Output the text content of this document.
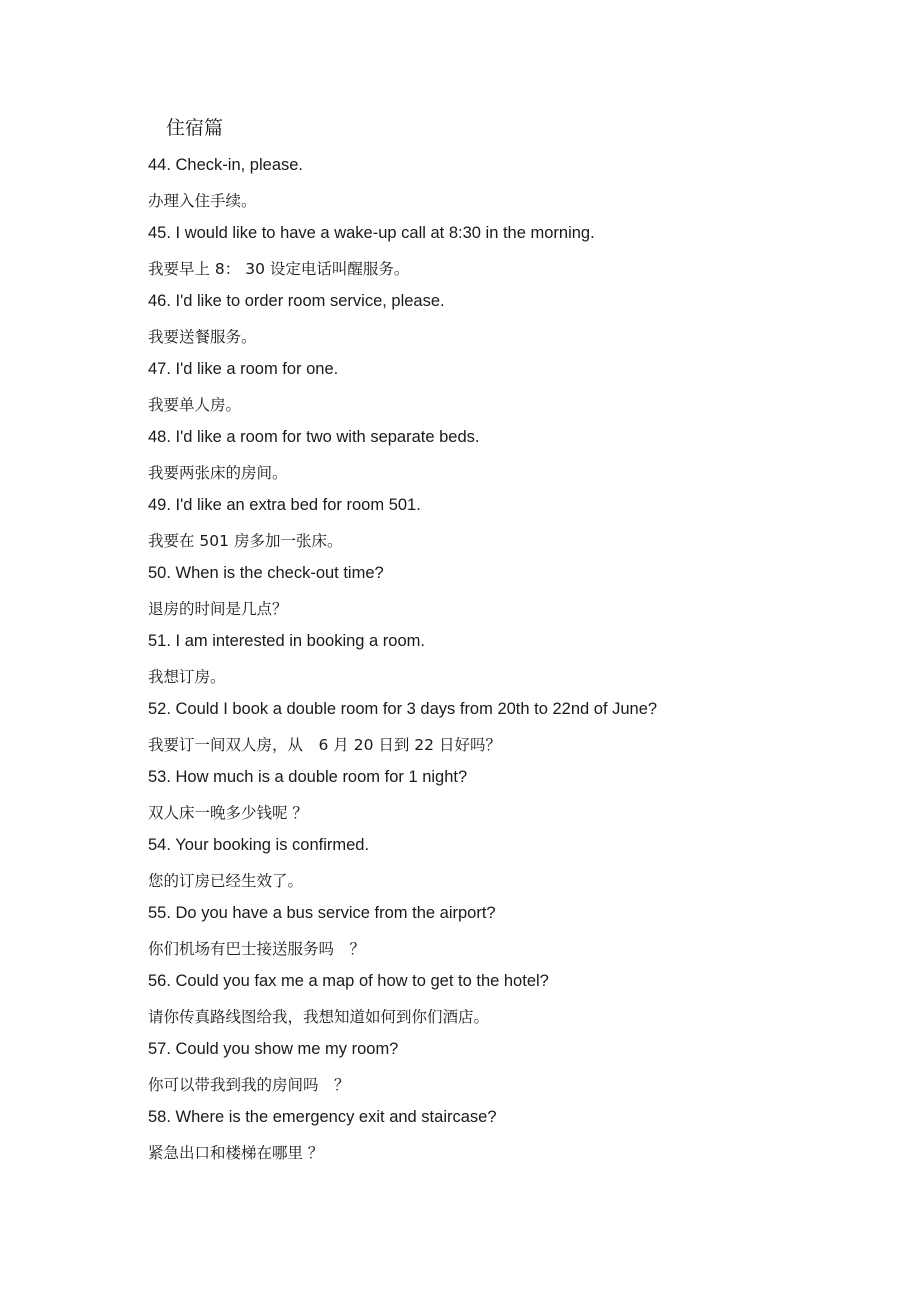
住宿篇
44. Check-in, please.
办理入住手续。
45. I would like to have a wake-up call at 8:30 in the morning.
我要早上 8： 30 设定电话叫醒服务。
46. I'd like to order room service, please.
我要送餐服务。
47. I'd like a room for one.
我要单人房。
48. I'd like a room for two with separate beds.
我要两张床的房间。
49. I'd like an extra bed for room 501.
我要在 501 房多加一张床。
50. When is the check-out time?
退房的时间是几点？
51. I am interested in booking a room.
我想订房。
52. Could I book a double room for 3 days from 20th to 22nd of June?
我要订一间双人房，从　6 月 20 日到 22 日好吗？
53. How much is a double room for 1 night?
双人床一晚多少钱呢 ？
54. Your booking is confirmed.
您的订房已经生效了。
55. Do you have a bus service from the airport?
你们机场有巴士接送服务吗　？
56. Could you fax me a map of how to get to the hotel?
请你传真路线图给我，我想知道如何到你们酒店。
57. Could you show me my room?
你可以带我到我的房间吗　？
58. Where is the emergency exit and staircase?
紧急出口和楼梯在哪里 ？
